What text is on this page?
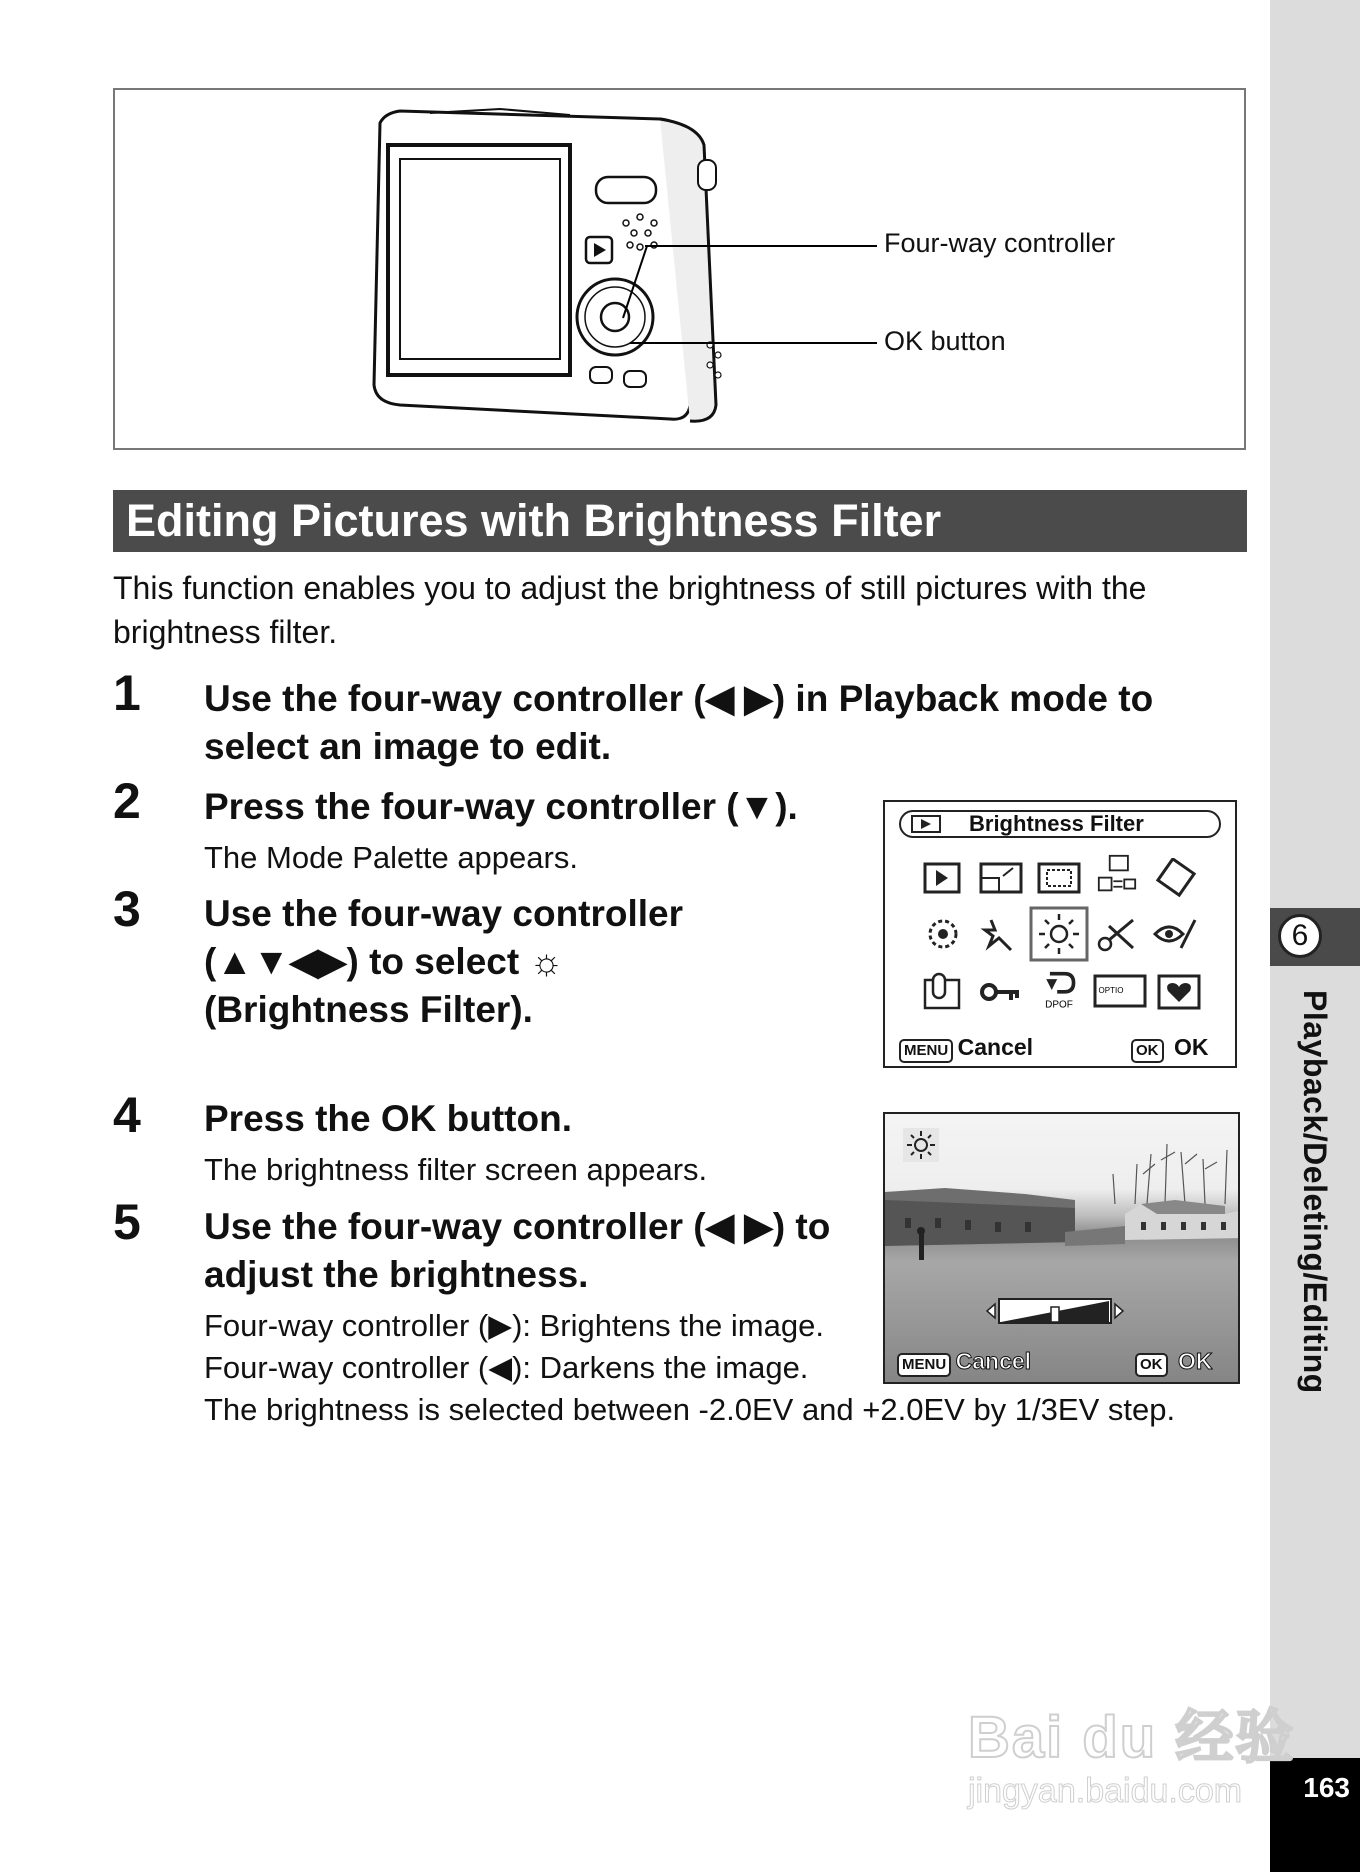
6
Playback/Deleting/Editing
163
Four-way controller
OK button
Editing Pictures with Brightness Filter
This function enables you to adjust the brightness of still pictures with the
brightness filter.
1 Use the four-way controller (◀ ▶) in Playback mode to
select an image to edit.
2 Press the four-way controller (▼).
The Mode Palette appears.
3 Use the four-way controller
(▲▼◀▶) to select ☼
(Brightness Filter).
Brightness Filter
DPOF
OPTIO
MENU Cancel	OK OK
4 Press the OK button.
The brightness filter screen appears.
5 Use the four-way controller (◀ ▶) to
adjust the brightness.
Four-way controller (▶): Brightens the image.
Four-way controller (◀): Darkens the image.
The brightness is selected between -2.0EV and +2.0EV by 1/3EV step.
MENU Cancel	OK OK
Bai du 经验
jingyan.baidu.com
